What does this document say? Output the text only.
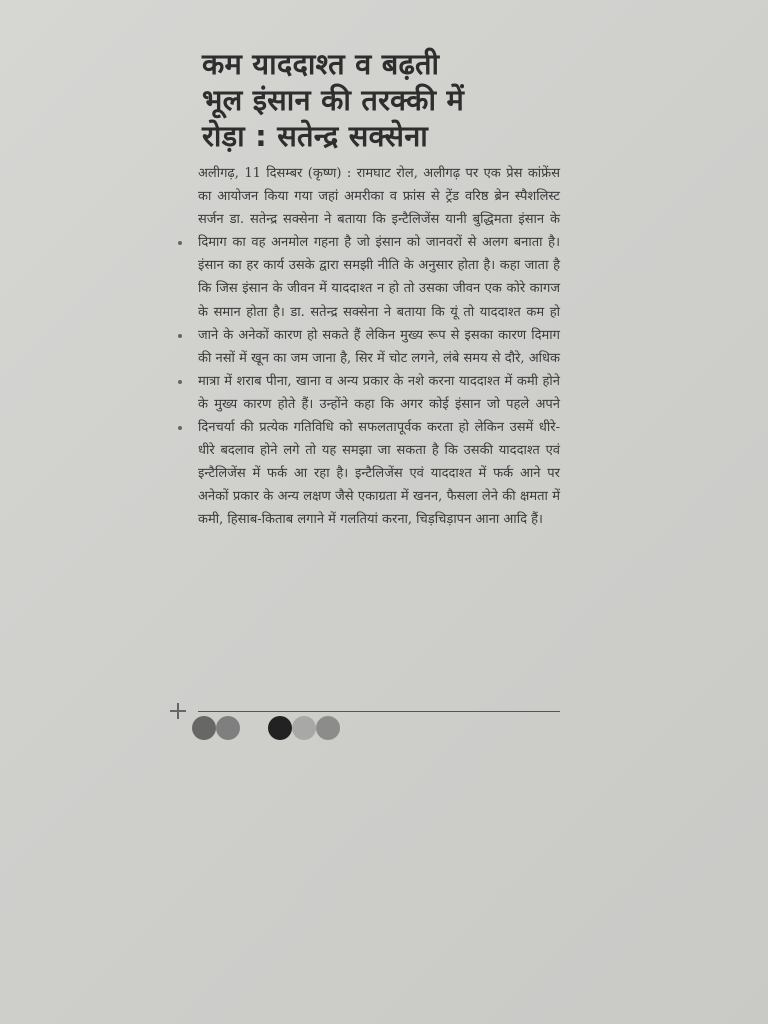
कम याददाश्त व बढ़ती
भूल इंसान की तरक्की में
रोड़ा : सतेन्द्र सक्सेना

अलीगढ़, 11 दिसम्बर (कृष्ण) : रामघाट रोल, अलीगढ़ पर एक प्रेस कांफ्रेंस का आयोजन किया गया जहां अमरीका व फ्रांस से ट्रेंड वरिष्ठ ब्रेन स्पैशलिस्ट सर्जन डा. सतेन्द्र सक्सेना ने बताया कि इन्टैलिजेंस यानी बुद्धिमता इंसान के दिमाग का वह अनमोल गहना है जो इंसान को जानवरों से अलग बनाता है। इंसान का हर कार्य उसके द्वारा समझी नीति के अनुसार होता है। कहा जाता है कि जिस इंसान के जीवन में याददाश्त न हो तो उसका जीवन एक कोरे कागज के समान होता है। डा. सतेन्द्र सक्सेना ने बताया कि यूं तो याददाश्त कम हो जाने के अनेकों कारण हो सकते हैं लेकिन मुख्य रूप से इसका कारण दिमाग की नसों में खून का जम जाना है, सिर में चोट लगने, लंबे समय से दौरे, अधिक मात्रा में शराब पीना, खाना व अन्य प्रकार के नशे करना याददाश्त में कमी होने के मुख्य कारण होते हैं। उन्होंने कहा कि अगर कोई इंसान जो पहले अपने दिनचर्या की प्रत्येक गतिविधि को सफलतापूर्वक करता हो लेकिन उसमें धीरे-धीरे बदलाव होने लगे तो यह समझा जा सकता है कि उसकी याददाश्त एवं इन्टैलिजेंस में फर्क आ रहा है। इन्टैलिजेंस एवं याददाश्त में फर्क आने पर अनेकों प्रकार के अन्य लक्षण जैसे एकाग्रता में खनन, फैसला लेने की क्षमता में कमी, हिसाब-किताब लगाने में गलतियां करना, चिड़चिड़ापन आना आदि हैं।
